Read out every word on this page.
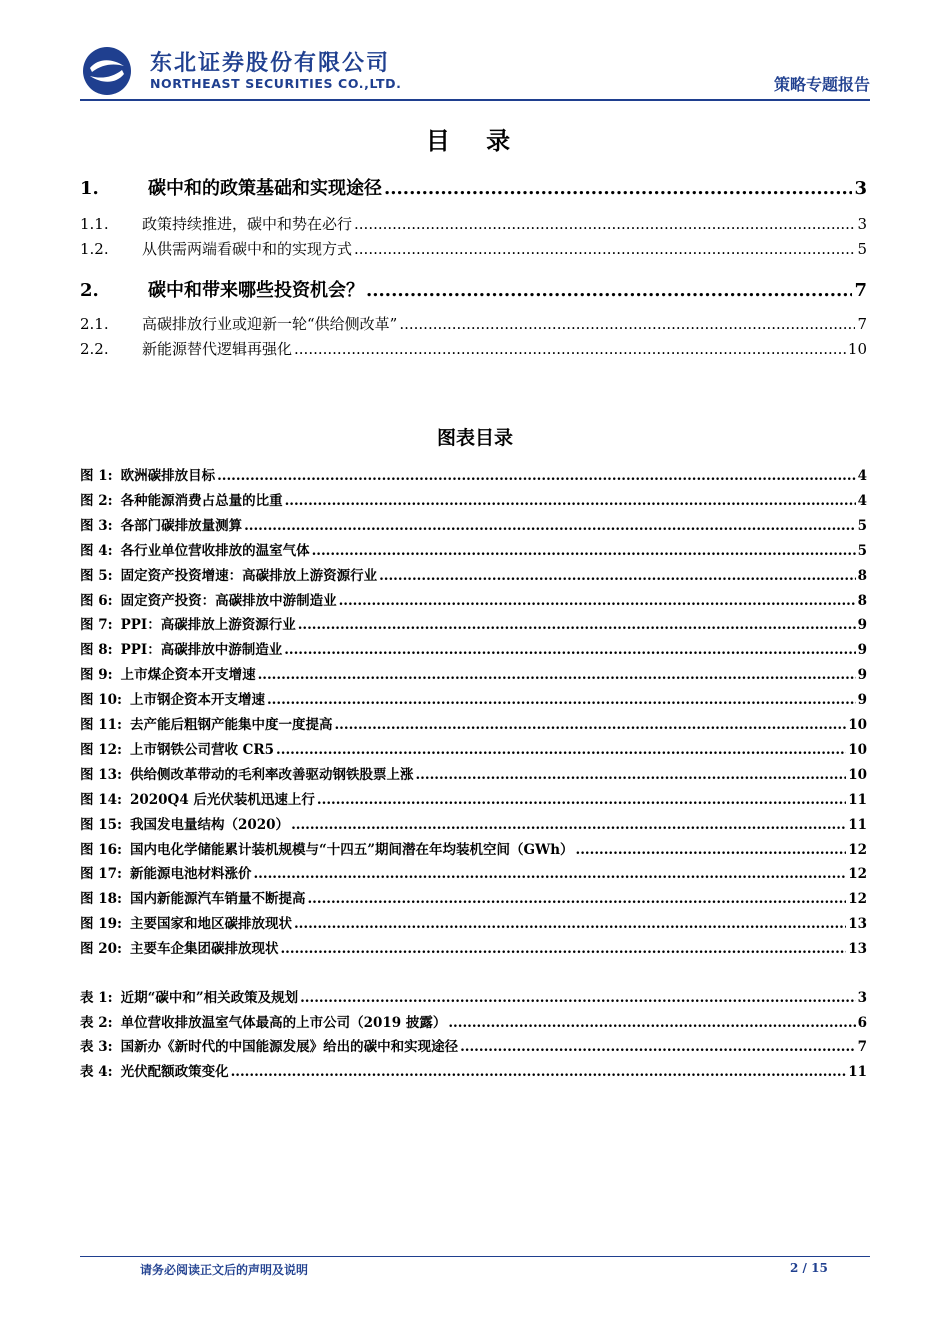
东北证券股份有限公司
NORTHEAST SECURITIES CO.,LTD.	策略专题报告
目 录
1.	碳中和的政策基础和实现途径 .....	3
1.1.	政策持续推进，碳中和势在必行 .....	3
1.2.	从供需两端看碳中和的实现方式 .....	5
2.	碳中和带来哪些投资机会？ .....	7
2.1.	高碳排放行业或迎新一轮“供给侧改革” .....	7
2.2.	新能源替代逻辑再强化 .....	10
图表目录
图 1: 欧洲碳排放目标 .....	4
图 2: 各种能源消费占总量的比重 .....	4
图 3: 各部门碳排放量测算 .....	5
图 4: 各行业单位营收排放的温室气体 .....	5
图 5: 固定资产投资增速：高碳排放上游资源行业 .....	8
图 6: 固定资产投资：高碳排放中游制造业 .....	8
图 7: PPI：高碳排放上游资源行业 .....	9
图 8: PPI：高碳排放中游制造业 .....	9
图 9: 上市煤企资本开支增速 .....	9
图 10: 上市钢企资本开支增速 .....	9
图 11: 去产能后粗钢产能集中度一度提高 .....	10
图 12: 上市钢铁公司营收 CR5 .....	10
图 13: 供给侧改革带动的毛利率改善驱动钢铁股票上涨 .....	10
图 14: 2020Q4 后光伏装机迅速上行 .....	11
图 15: 我国发电量结构（2020） .....	11
图 16: 国内电化学储能累计装机规模与“十四五”期间潜在年均装机空间（GWh） .....	12
图 17: 新能源电池材料涨价 .....	12
图 18: 国内新能源汽车销量不断提高 .....	12
图 19: 主要国家和地区碳排放现状 .....	13
图 20: 主要车企集团碳排放现状 .....	13
表 1: 近期“碳中和”相关政策及规划 .....	3
表 2: 单位营收排放温室气体最高的上市公司（2019 披露） .....	6
表 3: 国新办《新时代的中国能源发展》给出的碳中和实现途径 .....	7
表 4: 光伏配额政策变化 .....	11
请务必阅读正文后的声明及说明	2 / 15
